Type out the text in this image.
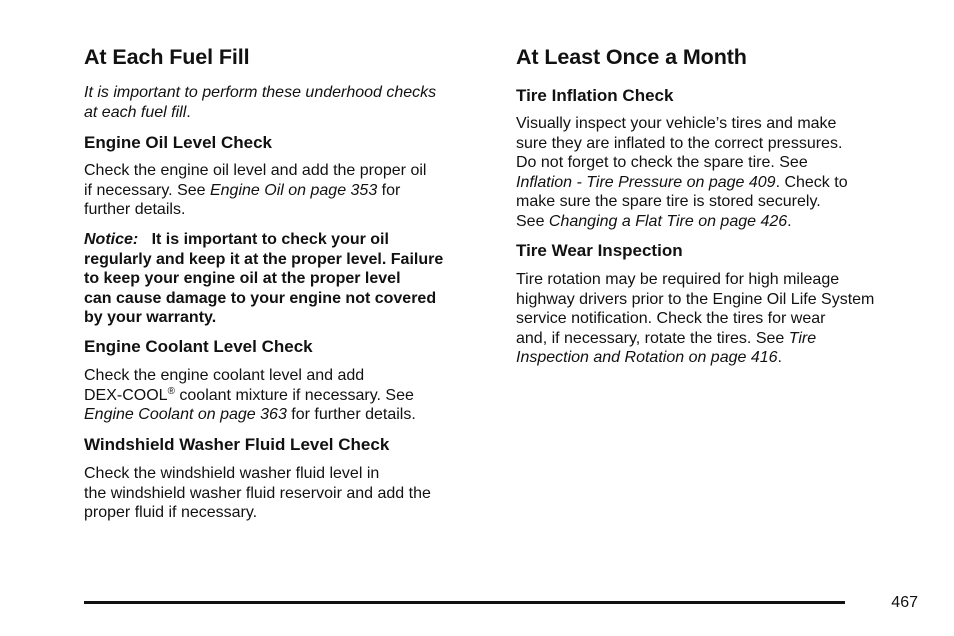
At Each Fuel Fill

It is important to perform these underhood checks
at each fuel fill.

Engine Oil Level Check

Check the engine oil level and add the proper oil
if necessary. See Engine Oil on page 353 for
further details.

Notice: It is important to check your oil
regularly and keep it at the proper level. Failure
to keep your engine oil at the proper level
can cause damage to your engine not covered
by your warranty.

Engine Coolant Level Check

Check the engine coolant level and add
DEX-COOL® coolant mixture if necessary. See
Engine Coolant on page 363 for further details.

Windshield Washer Fluid Level Check

Check the windshield washer fluid level in
the windshield washer fluid reservoir and add the
proper fluid if necessary.

At Least Once a Month
Tire Inflation Check

Visually inspect your vehicle’s tires and make
sure they are inflated to the correct pressures.
Do not forget to check the spare tire. See
Inflation - Tire Pressure on page 409. Check to
make sure the spare tire is stored securely.
See Changing a Flat Tire on page 426.

Tire Wear Inspection

Tire rotation may be required for high mileage
highway drivers prior to the Engine Oil Life System
service notification. Check the tires for wear
and, if necessary, rotate the tires. See Tire
Inspection and Rotation on page 416.

467
